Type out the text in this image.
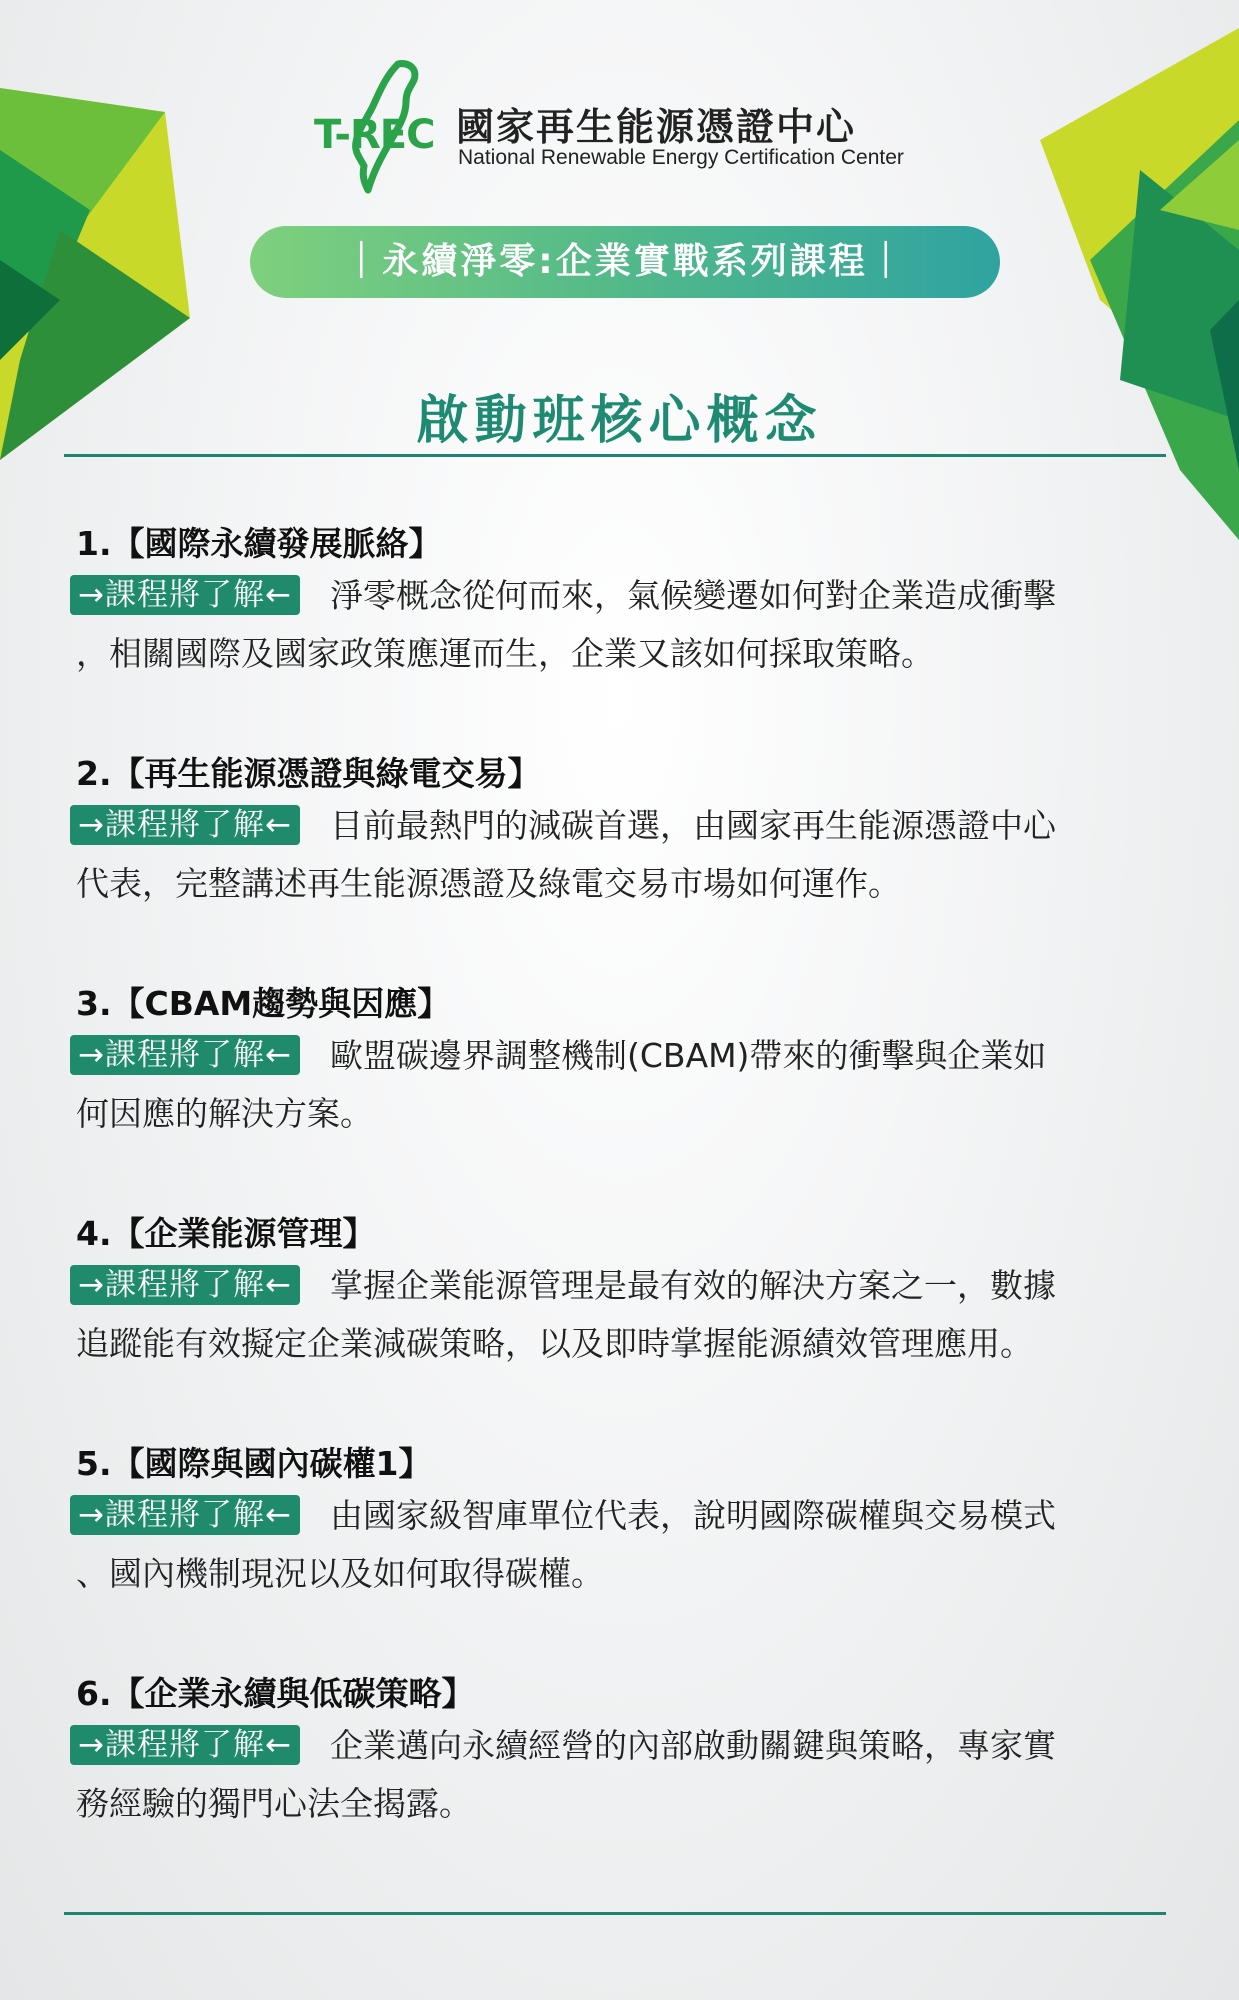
T-REC 國家再生能源憑證中心
National Renewable Energy Certification Center
｜永續淨零:企業實戰系列課程｜
啟動班核心概念
1.【國際永續發展脈絡】
→課程將了解← 淨零概念從何而來，氣候變遷如何對企業造成衝擊
，相關國際及國家政策應運而生，企業又該如何採取策略。
2.【再生能源憑證與綠電交易】
→課程將了解← 目前最熱門的減碳首選，由國家再生能源憑證中心
代表，完整講述再生能源憑證及綠電交易市場如何運作。
3.【CBAM趨勢與因應】
→課程將了解← 歐盟碳邊界調整機制(CBAM)帶來的衝擊與企業如
何因應的解決方案。
4.【企業能源管理】
→課程將了解← 掌握企業能源管理是最有效的解決方案之一，數據
追蹤能有效擬定企業減碳策略，以及即時掌握能源績效管理應用。
5.【國際與國內碳權1】
→課程將了解← 由國家級智庫單位代表，說明國際碳權與交易模式
、國內機制現況以及如何取得碳權。
6.【企業永續與低碳策略】
→課程將了解← 企業邁向永續經營的內部啟動關鍵與策略，專家實
務經驗的獨門心法全揭露。
